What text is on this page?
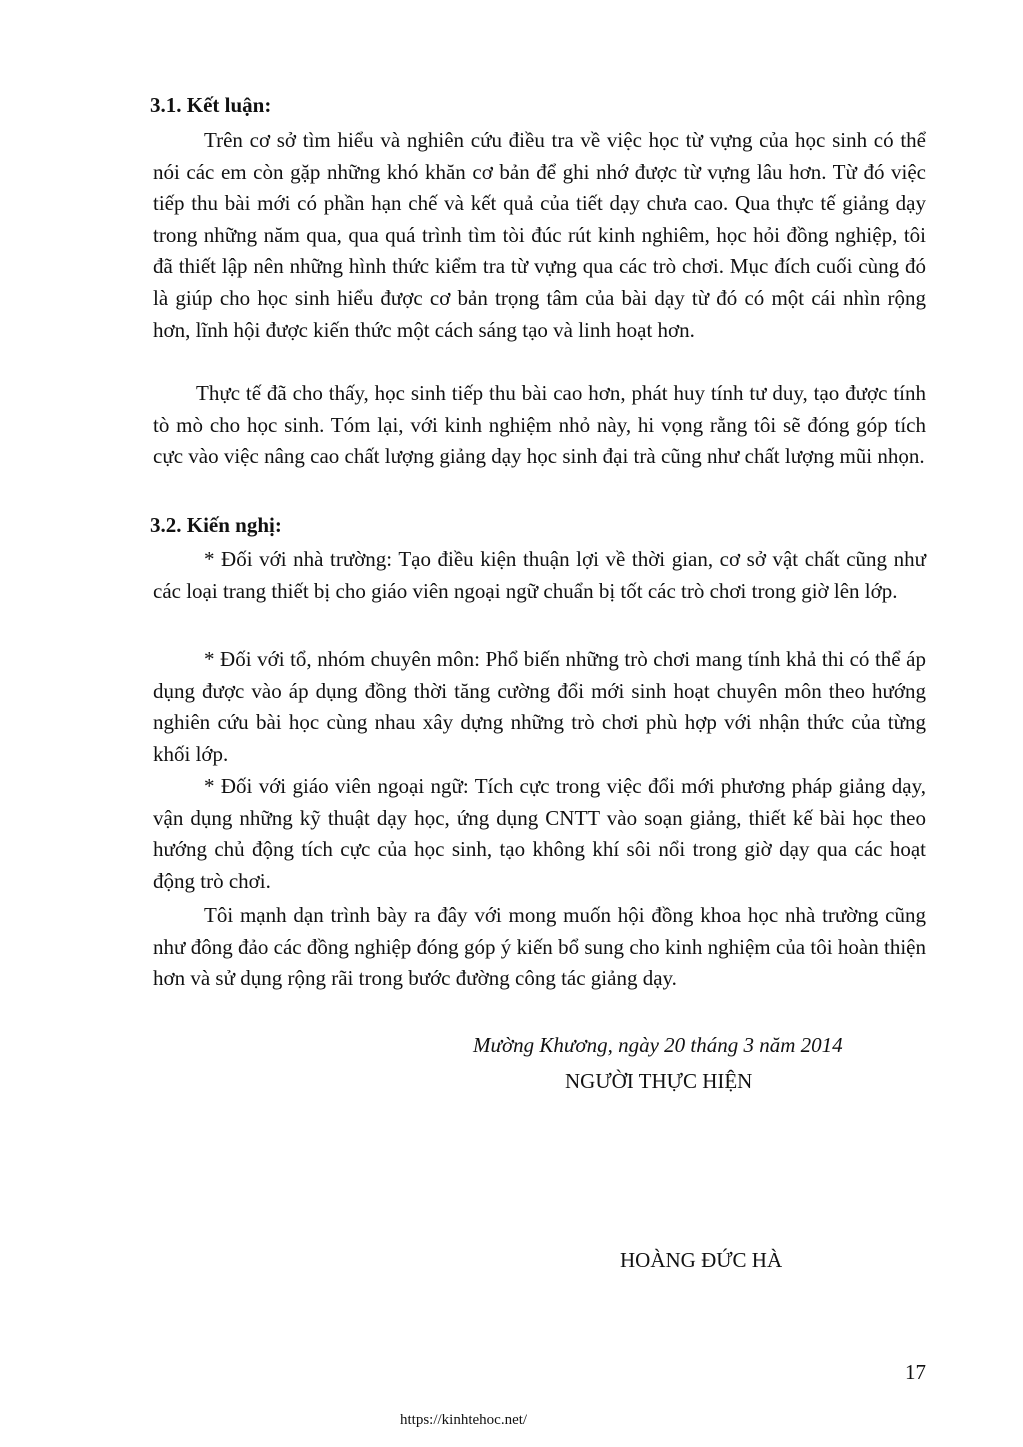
3.1. Kết luận:

Trên cơ sở tìm hiểu và nghiên cứu điều tra về việc học từ vựng của học sinh có thể nói các em còn gặp những khó khăn cơ bản để ghi nhớ được từ vựng lâu hơn. Từ đó việc tiếp thu bài mới có phần hạn chế và kết quả của tiết dạy chưa cao. Qua thực tế giảng dạy trong những năm qua, qua quá trình tìm tòi đúc rút kinh nghiêm, học hỏi đồng nghiệp, tôi đã thiết lập nên những hình thức kiểm tra từ vựng qua các trò chơi. Mục đích cuối cùng đó là giúp cho học sinh hiểu được cơ bản trọng tâm của bài dạy từ đó có một cái nhìn rộng hơn, lĩnh hội được kiến thức một cách sáng tạo và linh hoạt hơn.

Thực tế đã cho thấy, học sinh tiếp thu bài cao hơn, phát huy tính tư duy, tạo được tính tò mò cho học sinh. Tóm lại, với kinh nghiệm nhỏ này, hi vọng rằng tôi sẽ đóng góp tích cực vào việc nâng cao chất lượng giảng dạy học sinh đại trà cũng như chất lượng mũi nhọn.

3.2. Kiến nghị:

* Đối với nhà trường: Tạo điều kiện thuận lợi về thời gian, cơ sở vật chất cũng như các loại trang thiết bị cho giáo viên ngoại ngữ chuẩn bị tốt các trò chơi trong giờ lên lớp.

* Đối với tổ, nhóm chuyên môn: Phổ biến những trò chơi mang tính khả thi có thể áp dụng được vào áp dụng đồng thời tăng cường đổi mới sinh hoạt chuyên môn theo hướng nghiên cứu bài học cùng nhau xây dựng những trò chơi phù hợp với nhận thức của từng khối lớp.

* Đối với giáo viên ngoại ngữ: Tích cực trong việc đổi mới phương pháp giảng dạy, vận dụng những kỹ thuật dạy học, ứng dụng CNTT vào soạn giảng, thiết kế bài học theo hướng chủ động tích cực của học sinh, tạo không khí sôi nổi trong giờ dạy qua các hoạt động trò chơi.

Tôi mạnh dạn trình bày ra đây với mong muốn hội đồng khoa học nhà trường cũng như đông đảo các đồng nghiệp đóng góp ý kiến bổ sung cho kinh nghiệm của tôi hoàn thiện hơn và sử dụng rộng rãi trong bước đường công tác giảng dạy.

Mường Khương, ngày 20 tháng 3 năm 2014

NGƯỜI THỰC HIỆN

HOÀNG ĐỨC HÀ

17

https://kinhtehoc.net/
